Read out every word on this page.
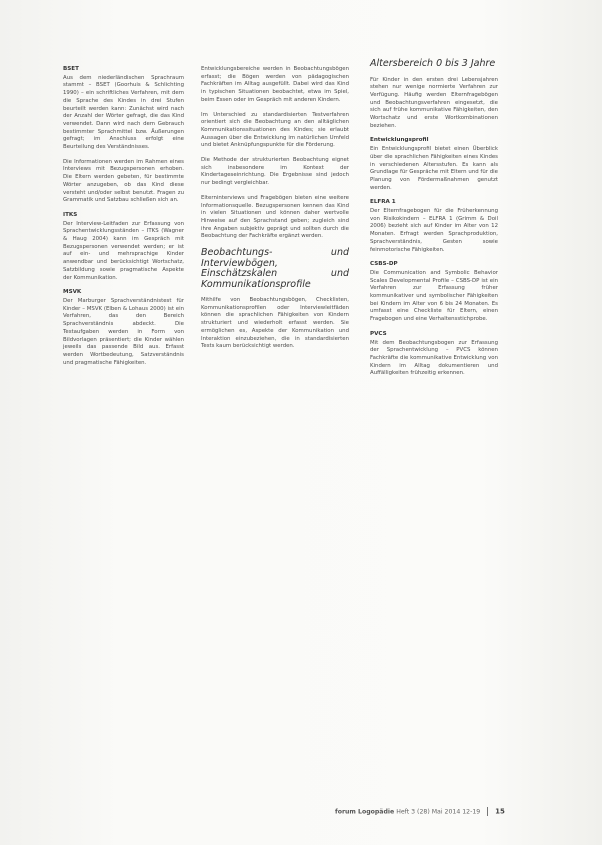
BSET

Aus dem niederländischen Sprachraum stammt – BSET (Goorhuis & Schlichting 1990) – ein schriftliches Verfahren, mit dem die Sprache des Kindes in drei Stufen beurteilt werden kann: Zunächst wird nach der Anzahl der Wörter gefragt, die das Kind verwendet. Dann wird nach dem Gebrauch bestimmter Sprachmittel bzw. Äußerungen gefragt; im Anschluss erfolgt eine Beurteilung des Verständnisses.

Die Informationen werden im Rahmen eines Interviews mit Bezugspersonen erhoben. Die Eltern werden gebeten, für bestimmte Wörter anzugeben, ob das Kind diese versteht und/oder selbst benutzt. Fragen zu Grammatik und Satzbau schließen sich an.

ITKS

Der Interview-Leitfaden zur Erfassung von Sprachentwicklungsständen – ITKS (Wagner & Haug 2004) kann im Gespräch mit Bezugspersonen verwendet werden; er ist auf ein- und mehrsprachige Kinder anwendbar und berücksichtigt Wortschatz, Satzbildung sowie pragmatische Aspekte der Kommunikation.

MSVK

Der Marburger Sprachverständnistest für Kinder – MSVK (Elben & Lohaus 2000) ist ein Verfahren, das den Bereich Sprachverständnis abdeckt. Die Testaufgaben werden in Form von Bildvorlagen präsentiert; die Kinder wählen jeweils das passende Bild aus. Erfasst werden Wortbedeutung, Satzverständnis und pragmatische Fähigkeiten.

Entwicklungsbereiche werden in Beobachtungsbögen erfasst; die Bögen werden von pädagogischen Fachkräften im Alltag ausgefüllt. Dabei wird das Kind in typischen Situationen beobachtet, etwa im Spiel, beim Essen oder im Gespräch mit anderen Kindern.

Im Unterschied zu standardisierten Testverfahren orientiert sich die Beobachtung an den alltäglichen Kommunikationssituationen des Kindes; sie erlaubt Aussagen über die Entwicklung im natürlichen Umfeld und bietet Anknüpfungspunkte für die Förderung.

Die Methode der strukturierten Beobachtung eignet sich insbesondere im Kontext der Kindertageseinrichtung. Die Ergebnisse sind jedoch nur bedingt vergleichbar.

Elterninterviews und Fragebögen bieten eine weitere Informationsquelle. Bezugspersonen kennen das Kind in vielen Situationen und können daher wertvolle Hinweise auf den Sprachstand geben; zugleich sind ihre Angaben subjektiv geprägt und sollten durch die Beobachtung der Fachkräfte ergänzt werden.

Beobachtungs- und Interviewbögen, Einschätzskalen und Kommunikationsprofile

Mithilfe von Beobachtungsbögen, Checklisten, Kommunikationsprofilen oder Interviewleitfäden können die sprachlichen Fähigkeiten von Kindern strukturiert und wiederholt erfasst werden. Sie ermöglichen es, Aspekte der Kommunikation und Interaktion einzubeziehen, die in standardisierten Tests kaum berücksichtigt werden.

Altersbereich 0 bis 3 Jahre

Für Kinder in den ersten drei Lebensjahren stehen nur wenige normierte Verfahren zur Verfügung. Häufig werden Elternfragebögen und Beobachtungsverfahren eingesetzt, die sich auf frühe kommunikative Fähigkeiten, den Wortschatz und erste Wortkombinationen beziehen.

Entwicklungsprofil

Ein Entwicklungsprofil bietet einen Überblick über die sprachlichen Fähigkeiten eines Kindes in verschiedenen Altersstufen. Es kann als Grundlage für Gespräche mit Eltern und für die Planung von Fördermaßnahmen genutzt werden.

ELFRA 1

Der Elternfragebogen für die Früherkennung von Risikokindern – ELFRA 1 (Grimm & Doil 2006) bezieht sich auf Kinder im Alter von 12 Monaten. Erfragt werden Sprachproduktion, Sprachverständnis, Gesten sowie feinmotorische Fähigkeiten.

CSBS-DP

Die Communication and Symbolic Behavior Scales Developmental Profile – CSBS-DP ist ein Verfahren zur Erfassung früher kommunikativer und symbolischer Fähigkeiten bei Kindern im Alter von 6 bis 24 Monaten. Es umfasst eine Checkliste für Eltern, einen Fragebogen und eine Verhaltensstichprobe.

PVCS

Mit dem Beobachtungsbogen zur Erfassung der Sprachentwicklung – PVCS können Fachkräfte die kommunikative Entwicklung von Kindern im Alltag dokumentieren und Auffälligkeiten frühzeitig erkennen.

forum Logopädie Heft 3 (28) Mai 2014 12-19 15
